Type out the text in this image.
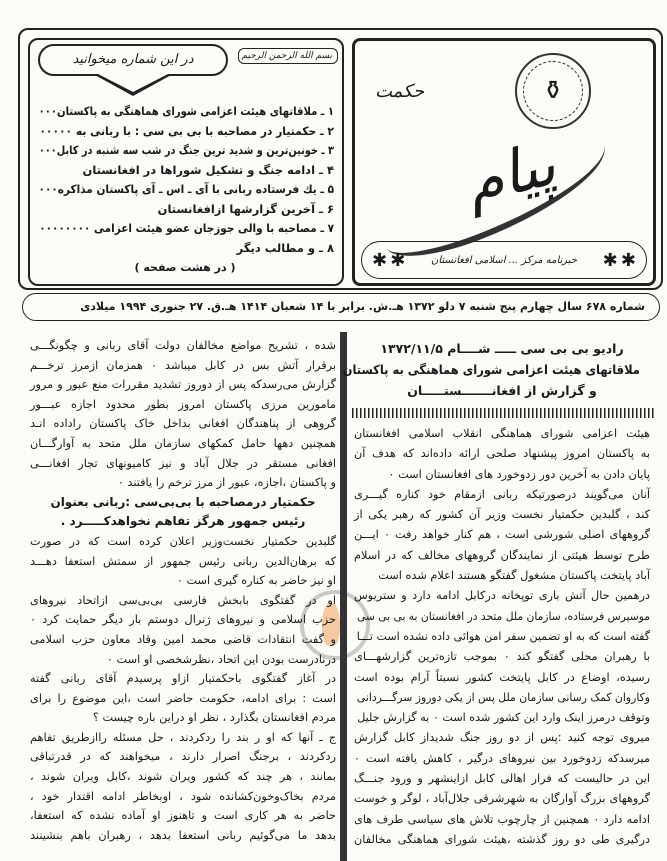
بسم الله الرحمن الرحیم
در این شماره میخوانید
۱ ـ ملاقاتهای هیئت اعزامی شورای هماهنگی به پاکستان۰۰۰
۲ ـ حکمتیار در مصاحبه با بی بی سی : با ربانی به ۰۰۰۰۰
۳ ـ خونین‌ترین و شدید ترین جنگ در شب سه شنبه در کابل۰۰۰
۴ ـ ادامه جنگ و تشکیل شوراها در افغانستان
۵ ـ یك فرستاده ربانی با آی ـ اس ـ آی پاکستان مذاکره۰۰۰
۶ ـ آخرین گزارشها ازافغانستان
۷ ـ مصاحبه با والی جوزجان عضو هیئت اعزامی ۰۰۰۰۰۰۰۰
۸ ـ و مطالب دیگر
( در هشت صفحه )
⚱
پیام
حکمت
✱ ✱
خبرنامه مرکز ... اسلامی افغانستان
✱ ✱
شماره ۶۷۸ سال چهارم پنج شنبه ۷ دلو ۱۳۷۲ هـ.ش. برابر با ۱۴ شعبان ۱۴۱۴ هـ.ق. ۲۷ جنوری ۱۹۹۴ میلادی
رادیو بی بی سی ـــــ شــــام ۱۳۷۲/۱۱/۵
ملاقاتهای هیئت اعزامی شورای هماهنگی به پاکستان
و گزارش از افغانـــــــستـــــان
هیئت اعزامی شورای هماهنگی انقلاب اسلامی افغانستان
به پاکستان امروز پیشنهاد صلحی ارائه داده‌اند که هدف آن
پایان دادن به آخرین دور زدوخورد های افغانستان است ۰
آنان می‌گویند درصورتیکه ربانی ازمقام خود کناره گیـــری
کند ، گلبدین حکمتیار نخست وزیر آن کشور که رهبر یکی از
گروههای اصلی شورشی است ، هم کنار خواهد رفت ۰ ایـــن
طرح توسط هیئتی از نمایندگان گروههای مخالف که در اسلام
آباد پایتخت پاکستان مشغول گفتگو هستند اعلام شده است
درهمین حال آتش باری توپخانه درکابل ادامه دارد و ستریوس
موسیرس فرستاده، سازمان ملل متحد در افغانستان به بی بی سی
گفته است که به او تضمین سفر امن هوائی داده نشده است تـــا
با رهبران محلی گفتگو کند ۰ بموجب تازه‌ترین گزارشهـــای
رسیده، اوضاع در کابل پایتخت کشور نسبتاً آرام بوده است
وکاروان کمک رسانی سازمان ملل پس از یکی دوروز سرگـــردانی
وتوقف درمرز اینک وارد این کشور شده است ۰ به گزارش جلیل
میروی توجه کنید :پس از دو روز جنگ شدیداز کابل گزارش
میرسدکه زدوخورد بین نیروهای درگیر ، کاهش یافته است ۰
این در حالیست که فرار اهالی کابل ازاینشهر و ورود جنـــگ
گروههای بزرگ آوارگان به شهرشرقی جلال‌آباد ، لوگر و خوست
ادامه دارد ۰ همچنین از چارچوب تلاش های سیاسی طرف های
درگیری طی دو روز گذشته ،هیئت شورای هماهنگی مخالفان
شده ، تشریح مواضع مخالفان دولت آقای ربانی و چگونگـــی
برقرار آتش بس در کابل میباشد ۰ همزمان ازمرز ترخـــم
گزارش می‌رسدکه پس از دوروز تشدید مقررات منع عبور و مرور
مامورین مرزی پاکستان امروز بطور محدود اجازه عبـــور
گروهی از پناهندگان افغانی بداخل خاک پاکستان راداده انـد
همچنین دهها حامل کمکهای سازمان ملل متحد به آوارگـــان
افغانی مستقر در جلال آباد و نیز کامیونهای تجار افغانـــی
و پاکستان ،اجازه، عبور از مرز ترخم را یافتند ۰
حکمتیار درمصاحبه با بی‌بی‌سی :ربانی بعنوان
رئیس جمهور هرگز تفاهم نخواهدکـــــرد .
گلبدین حکمتیار نخست‌وزیر اعلان کرده است که در صورت
که برهان‌الدین ربانی رئیس جمهور از سمتش استعفا دهـــد
او نیز حاضر به کناره گیری است ۰
او در گفتگوی بابخش فارسی بی‌بی‌سی ازاتحاد نیروهای
حزب اسلامی و نیروهای ژنرال دوستم بار دیگر حمایت کرد ۰
و گفت انتقادات قاضی محمد امین وقاد معاون حزب اسلامی
درنادرست بودن این اتحاد ،نظرشخصی او است ۰
در آغاز گفتگوی باحکمتیار ازاو پرسیدم آقای ربانی گفته
است : برای ادامه، حکومت حاضر است ،این موضوع را برای
مردم افغانستان بگذارد ، نظر او دراین باره چیست ؟
ج ـ آنها که او ر بند را ردکردند ، حل مسئله راازطریق تفاهم
ردکردند ، برجنگ اصرار دارند ، میخواهند که در قدرتباقی
بمانند ، هر چند که کشور ویران شوند ،کابل ویران شوند ،
مردم بخاک‌وخون‌کشانده شود ، اوبخاطر ادامه اقتدار خود ،
حاضر به هر کاری است و تاهنوز او آماده نشده که استعفا،
بدهد ما می‌گوئیم ربانی استعفا بدهد ، رهبران باهم بنشینند
